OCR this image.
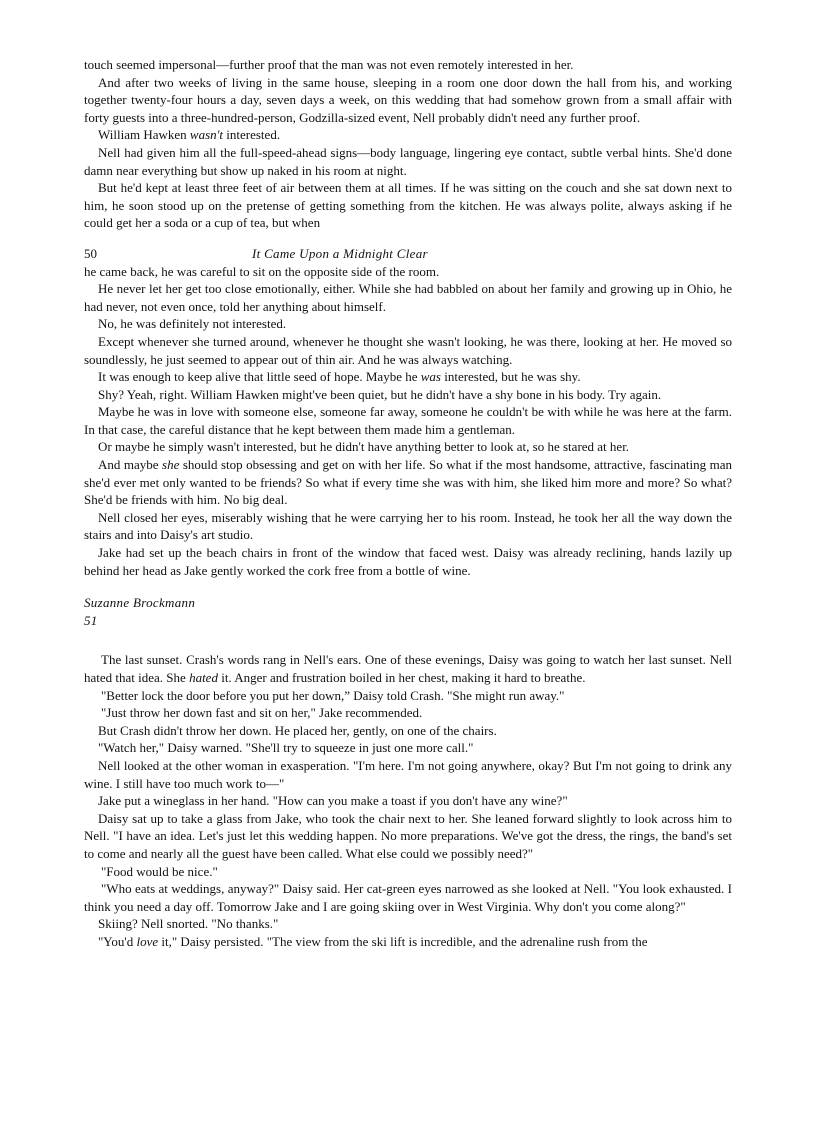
touch seemed impersonal—further proof that the man was not even remotely interested in her.

And after two weeks of living in the same house, sleeping in a room one door down the hall from his, and working together twenty-four hours a day, seven days a week, on this wedding that had somehow grown from a small affair with forty guests into a three-hundred-person, Godzilla-sized event, Nell probably didn't need any further proof.

William Hawken wasn't interested.

Nell had given him all the full-speed-ahead signs—body language, lingering eye contact, subtle verbal hints. She'd done damn near everything but show up naked in his room at night.

But he'd kept at least three feet of air between them at all times. If he was sitting on the couch and she sat down next to him, he soon stood up on the pretense of getting something from the kitchen. He was always polite, always asking if he could get her a soda or a cup of tea, but when

50	It Came Upon a Midnight Clear

he came back, he was careful to sit on the opposite side of the room.

He never let her get too close emotionally, either. While she had babbled on about her family and growing up in Ohio, he had never, not even once, told her anything about himself.

No, he was definitely not interested.

Except whenever she turned around, whenever he thought she wasn't looking, he was there, looking at her. He moved so soundlessly, he just seemed to appear out of thin air. And he was always watching.

It was enough to keep alive that little seed of hope. Maybe he was interested, but he was shy.

Shy? Yeah, right. William Hawken might've been quiet, but he didn't have a shy bone in his body. Try again.

Maybe he was in love with someone else, someone far away, someone he couldn't be with while he was here at the farm. In that case, the careful distance that he kept between them made him a gentleman.

Or maybe he simply wasn't interested, but he didn't have anything better to look at, so he stared at her.

And maybe she should stop obsessing and get on with her life. So what if the most handsome, attractive, fascinating man she'd ever met only wanted to be friends? So what if every time she was with him, she liked him more and more? So what? She'd be friends with him. No big deal.

Nell closed her eyes, miserably wishing that he were carrying her to his room. Instead, he took her all the way down the stairs and into Daisy's art studio.

Jake had set up the beach chairs in front of the window that faced west. Daisy was already reclining, hands lazily up behind her head as Jake gently worked the cork free from a bottle of wine.

Suzanne Brockmann
51

The last sunset. Crash's words rang in Nell's ears. One of these evenings, Daisy was going to watch her last sunset. Nell hated that idea. She hated it. Anger and frustration boiled in her chest, making it hard to breathe.

"Better lock the door before you put her down,” Daisy told Crash. "She might run away."

"Just throw her down fast and sit on her," Jake recommended.

But Crash didn't throw her down. He placed her, gently, on one of the chairs.

"Watch her," Daisy warned. "She'll try to squeeze in just one more call."

Nell looked at the other woman in exasperation. "I'm here. I'm not going anywhere, okay? But I'm not going to drink any wine. I still have too much work to—"

Jake put a wineglass in her hand. "How can you make a toast if you don't have any wine?"

Daisy sat up to take a glass from Jake, who took the chair next to her. She leaned forward slightly to look across him to Nell. "I have an idea. Let's just let this wedding happen. No more preparations. We've got the dress, the rings, the band's set to come and nearly all the guest have been called. What else could we possibly need?"

"Food would be nice."

"Who eats at weddings, anyway?" Daisy said. Her cat-green eyes narrowed as she looked at Nell. "You look exhausted. I think you need a day off. Tomorrow Jake and I are going skiing over in West Virginia. Why don't you come along?"

Skiing? Nell snorted. "No thanks."

"You'd love it," Daisy persisted. "The view from the ski lift is incredible, and the adrenaline rush from the
